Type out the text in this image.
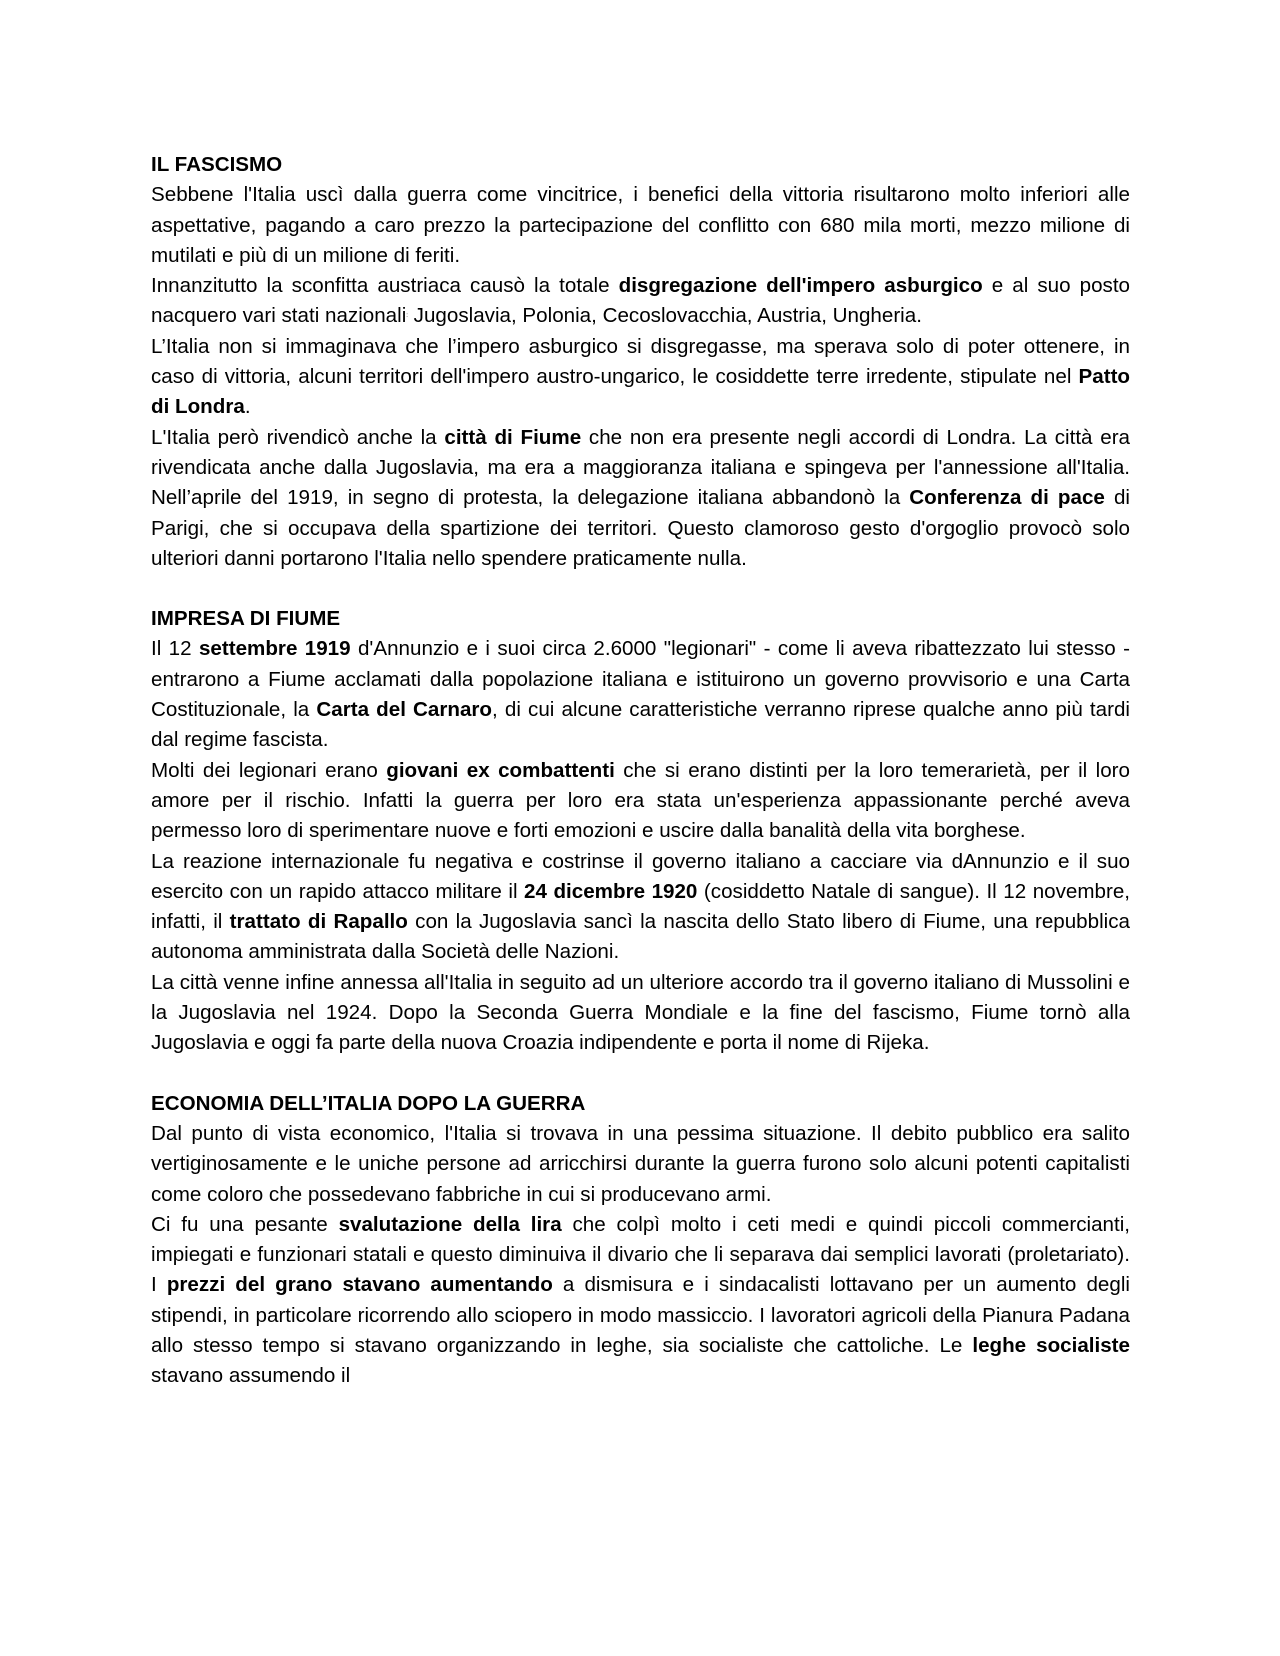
IL FASCISMO

Sebbene l'Italia uscì dalla guerra come vincitrice, i benefici della vittoria risultarono molto inferiori alle aspettative, pagando a caro prezzo la partecipazione del conflitto con 680 mila morti, mezzo milione di mutilati e più di un milione di feriti.

Innanzitutto la sconfitta austriaca causò la totale disgregazione dell'impero asburgico e al suo posto nacquero vari stati nazionali: Jugoslavia, Polonia, Cecoslovacchia, Austria, Ungheria.

L’Italia non si immaginava che l’impero asburgico si disgregasse, ma sperava solo di poter ottenere, in caso di vittoria, alcuni territori dell'impero austro-ungarico, le cosiddette terre irredente, stipulate nel Patto di Londra.

L'Italia però rivendicò anche la città di Fiume che non era presente negli accordi di Londra. La città era rivendicata anche dalla Jugoslavia, ma era a maggioranza italiana e spingeva per l'annessione all'Italia. Nell’aprile del 1919, in segno di protesta, la delegazione italiana abbandonò la Conferenza di pace di Parigi, che si occupava della spartizione dei territori. Questo clamoroso gesto d'orgoglio provocò solo ulteriori danni portarono l'Italia nello spendere praticamente nulla.

IMPRESA DI FIUME

Il 12 settembre 1919 d'Annunzio e i suoi circa 2.6000 "legionari" - come li aveva ribattezzato lui stesso - entrarono a Fiume acclamati dalla popolazione italiana e istituirono un governo provvisorio e una Carta Costituzionale, la Carta del Carnaro, di cui alcune caratteristiche verranno riprese qualche anno più tardi dal regime fascista.

Molti dei legionari erano giovani ex combattenti che si erano distinti per la loro temerarietà, per il loro amore per il rischio. Infatti la guerra per loro era stata un'esperienza appassionante perché aveva permesso loro di sperimentare nuove e forti emozioni e uscire dalla banalità della vita borghese.

La reazione internazionale fu negativa e costrinse il governo italiano a cacciare via dAnnunzio e il suo esercito con un rapido attacco militare il 24 dicembre 1920 (cosiddetto Natale di sangue). Il 12 novembre, infatti, il trattato di Rapallo con la Jugoslavia sancì la nascita dello Stato libero di Fiume, una repubblica autonoma amministrata dalla Società delle Nazioni.

La città venne infine annessa all'Italia in seguito ad un ulteriore accordo tra il governo italiano di Mussolini e la Jugoslavia nel 1924. Dopo la Seconda Guerra Mondiale e la fine del fascismo, Fiume tornò alla Jugoslavia e oggi fa parte della nuova Croazia indipendente e porta il nome di Rijeka.

ECONOMIA DELL’ITALIA DOPO LA GUERRA

Dal punto di vista economico, l'Italia si trovava in una pessima situazione. Il debito pubblico era salito vertiginosamente e le uniche persone ad arricchirsi durante la guerra furono solo alcuni potenti capitalisti come coloro che possedevano fabbriche in cui si producevano armi.

Ci fu una pesante svalutazione della lira che colpì molto i ceti medi e quindi piccoli commercianti, impiegati e funzionari statali e questo diminuiva il divario che li separava dai semplici lavorati (proletariato). I prezzi del grano stavano aumentando a dismisura e i sindacalisti lottavano per un aumento degli stipendi, in particolare ricorrendo allo sciopero in modo massiccio. I lavoratori agricoli della Pianura Padana allo stesso tempo si stavano organizzando in leghe, sia socialiste che cattoliche. Le leghe socialiste stavano assumendo il
